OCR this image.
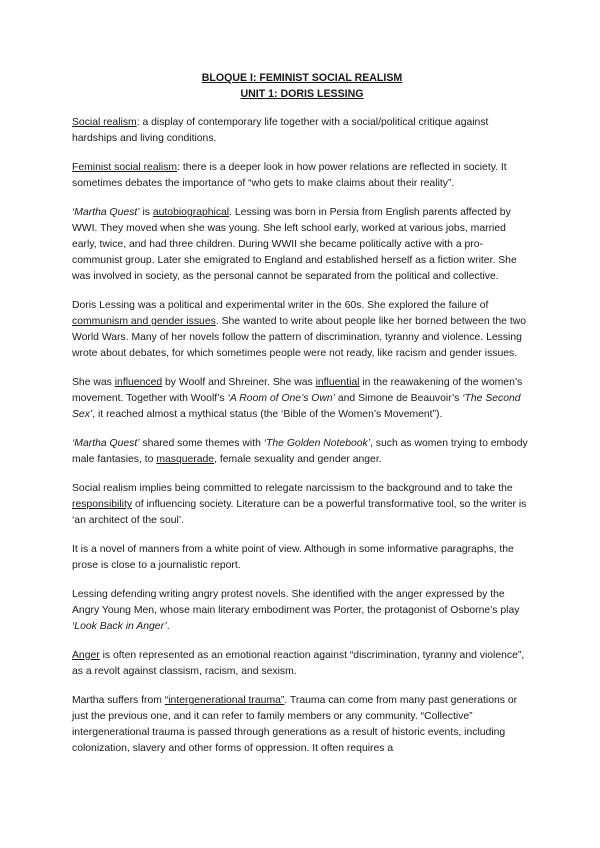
BLOQUE I: FEMINIST SOCIAL REALISM
UNIT 1: DORIS LESSING

Social realism: a display of contemporary life together with a social/political critique against hardships and living conditions.

Feminist social realism: there is a deeper look in how power relations are reflected in society. It sometimes debates the importance of “who gets to make claims about their reality”.

‘Martha Quest’ is autobiographical. Lessing was born in Persia from English parents affected by WWI. They moved when she was young. She left school early, worked at various jobs, married early, twice, and had three children. During WWII she became politically active with a pro-communist group. Later she emigrated to England and established herself as a fiction writer. She was involved in society, as the personal cannot be separated from the political and collective.

Doris Lessing was a political and experimental writer in the 60s. She explored the failure of communism and gender issues. She wanted to write about people like her borned between the two World Wars. Many of her novels follow the pattern of discrimination, tyranny and violence. Lessing wrote about debates, for which sometimes people were not ready, like racism and gender issues.

She was influenced by Woolf and Shreiner. She was influential in the reawakening of the women’s movement. Together with Woolf’s ‘A Room of One’s Own’ and Simone de Beauvoir’s ‘The Second Sex’, it reached almost a mythical status (the ‘Bible of the Women’s Movement”).

‘Martha Quest’ shared some themes with ‘The Golden Notebook’, such as women trying to embody male fantasies, to masquerade, female sexuality and gender anger.

Social realism implies being committed to relegate narcissism to the background and to take the responsibility of influencing society. Literature can be a powerful transformative tool, so the writer is ‘an architect of the soul’.

It is a novel of manners from a white point of view. Although in some informative paragraphs, the prose is close to a journalistic report.

Lessing defending writing angry protest novels. She identified with the anger expressed by the Angry Young Men, whose main literary embodiment was Porter, the protagonist of Osborne’s play ‘Look Back in Anger’.

Anger is often represented as an emotional reaction against “discrimination, tyranny and violence”, as a revolt against classism, racism, and sexism.

Martha suffers from “intergenerational trauma”. Trauma can come from many past generations or just the previous one, and it can refer to family members or any community. “Collective” intergenerational trauma is passed through generations as a result of historic events, including colonization, slavery and other forms of oppression. It often requires a
